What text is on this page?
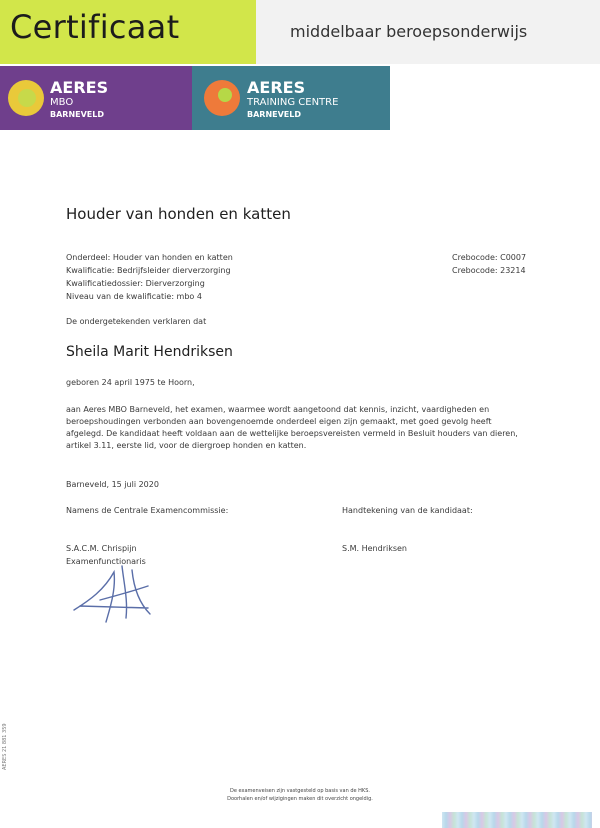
Certificaat	middelbaar beroepsonderwijs
AERES
MBO
BARNEVELD
AERES
TRAINING CENTRE
BARNEVELD
Houder van honden en katten
Onderdeel: Houder van honden en katten
Kwalificatie: Bedrijfsleider dierverzorging
Kwalificatiedossier: Dierverzorging
Niveau van de kwalificatie: mbo 4
Crebocode: C0007
Crebocode: 23214
De ondergetekenden verklaren dat
Sheila Marit Hendriksen
geboren 24 april 1975 te Hoorn,
aan Aeres MBO Barneveld, het examen, waarmee wordt aangetoond dat kennis, inzicht, vaardigheden en beroepshoudingen verbonden aan bovengenoemde onderdeel eigen zijn gemaakt, met goed gevolg heeft afgelegd. De kandidaat heeft voldaan aan de wettelijke beroepsvereisten vermeld in Besluit houders van dieren, artikel 3.11, eerste lid, voor de diergroep honden en katten.
Barneveld, 15 juli 2020
Namens de Centrale Examencommissie:	Handtekening van de kandidaat:
S.A.C.M. Chrispijn
Examenfunctionaris
S.M. Hendriksen
AERES 21 881 359
De examenveisen zijn vastgesteld op basis van de HKS.
Doorhalen en/of wijzigingen maken dit overzicht ongeldig.
